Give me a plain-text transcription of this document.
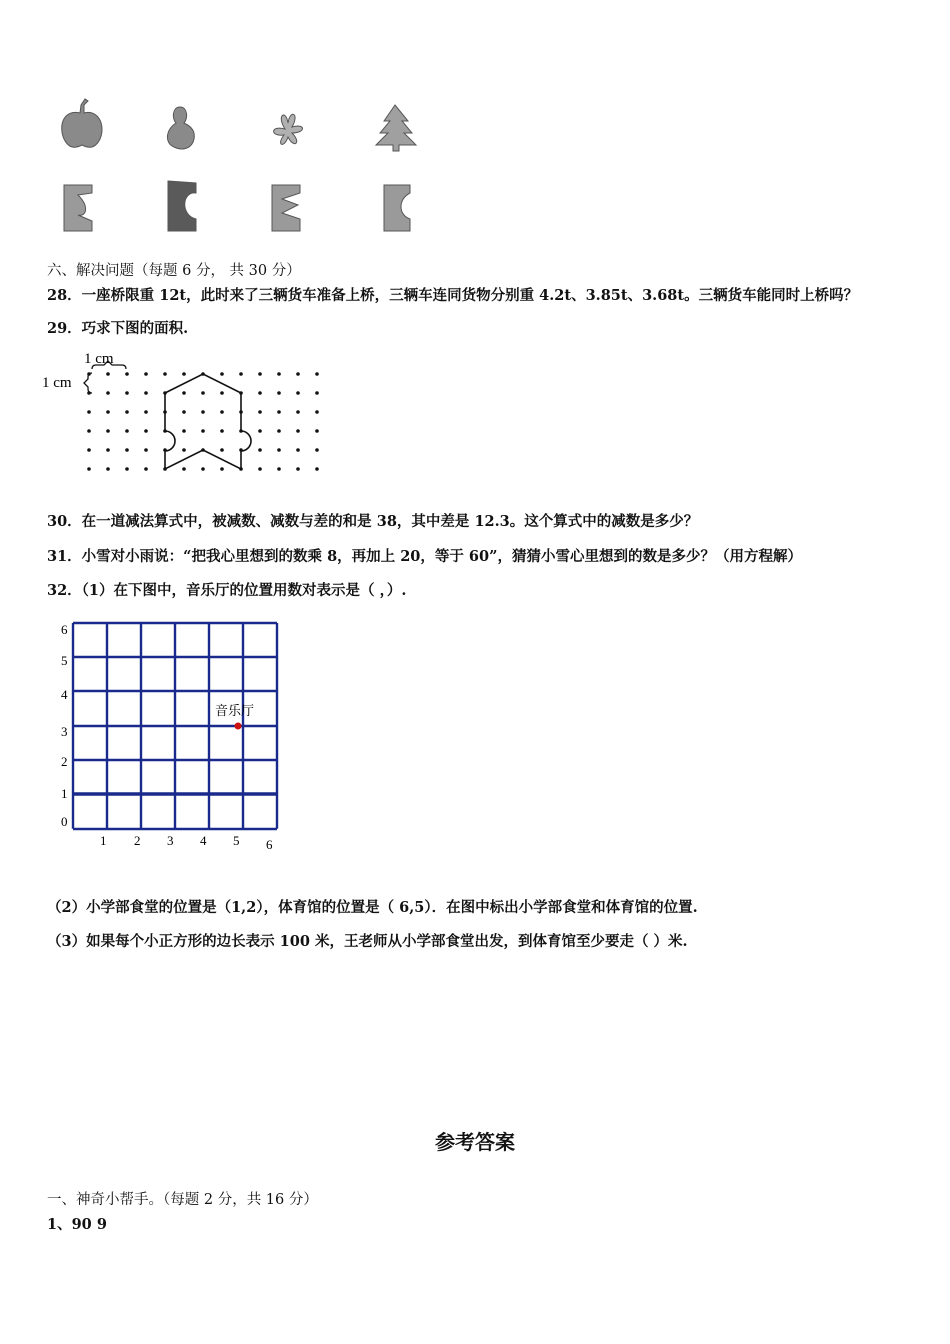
六、解决问题（每题 6 分， 共 30 分）
28．一座桥限重 12t，此时来了三辆货车准备上桥，三辆车连同货物分别重 4.2t、3.85t、3.68t。三辆货车能同时上桥吗？
29．巧求下图的面积.
1 cm
1 cm
30．在一道减法算式中，被减数、减数与差的和是 38，其中差是 12.3。这个算式中的减数是多少？
31．小雪对小雨说：“把我心里想到的数乘 8，再加上 20，等于 60”，猜猜小雪心里想到的数是多少？（用方程解）
32．（1）在下图中，音乐厅的位置用数对表示是（ ，）.
6
5
4
3
2
1
0
1 2 3 4 5 6
音乐厅
（2）小学部食堂的位置是（1,2），体育馆的位置是（ 6,5）．在图中标出小学部食堂和体育馆的位置.
（3）如果每个小正方形的边长表示 100 米，王老师从小学部食堂出发，到体育馆至少要走（ ）米.
参考答案
一、神奇小帮手。（每题 2 分，共 16 分）
1、90 9
